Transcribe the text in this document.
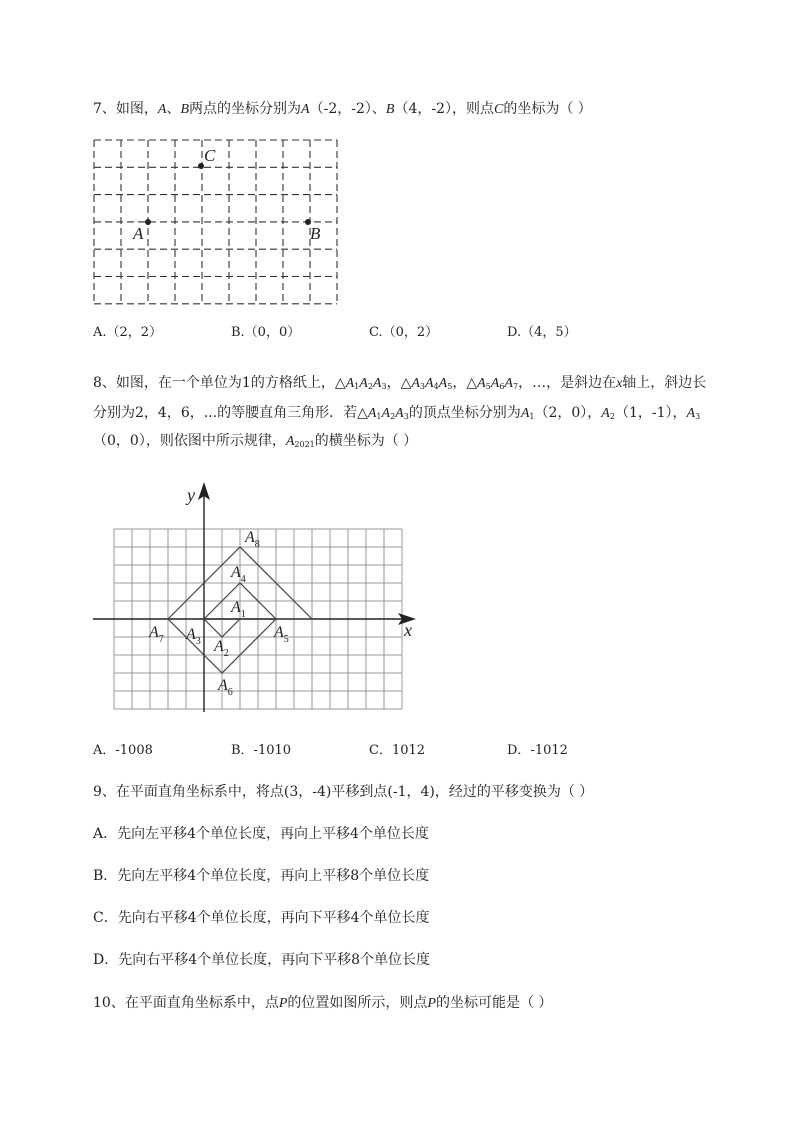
7、如图，A、B两点的坐标分别为A（-2，-2）、B（4，-2），则点C的坐标为（ ）
C
A	B
A.（2，2）	B.（0，0）	C.（0，2）	D.（4，5）
8、如图，在一个单位为1的方格纸上，$\triangle A_1A_2A_3$，$\triangle A_3A_4A_5$，$\triangle A_5A_6A_7$，…，是斜边在x轴上，斜边长
分别为2，4，6，...的等腰直角三角形．若$\triangle A_1A_2A_3$的顶点坐标分别为$A_1(2$，0），$A_2(1$，-1），$A_3$
（0，0），则依图中所示规律，$A_{2021}$的横坐标为（ ）
x
y
$A_8$
$A_4$
$A_1$
$A_7$ $A_3$
$A_5$
$A_2$
$A_6$
A．-1008	B．-1010	C．1012	D．-1012
9、在平面直角坐标系中，将点(3，-4)平移到点(-1，4)，经过的平移变换为（ ）
A．先向左平移4个单位长度，再向上平移4个单位长度
B．先向左平移4个单位长度，再向上平移8个单位长度
C．先向右平移4个单位长度，再向下平移4个单位长度
D．先向右平移4个单位长度，再向下平移8个单位长度
10、在平面直角坐标系中，点P的位置如图所示，则点P的坐标可能是（ ）
